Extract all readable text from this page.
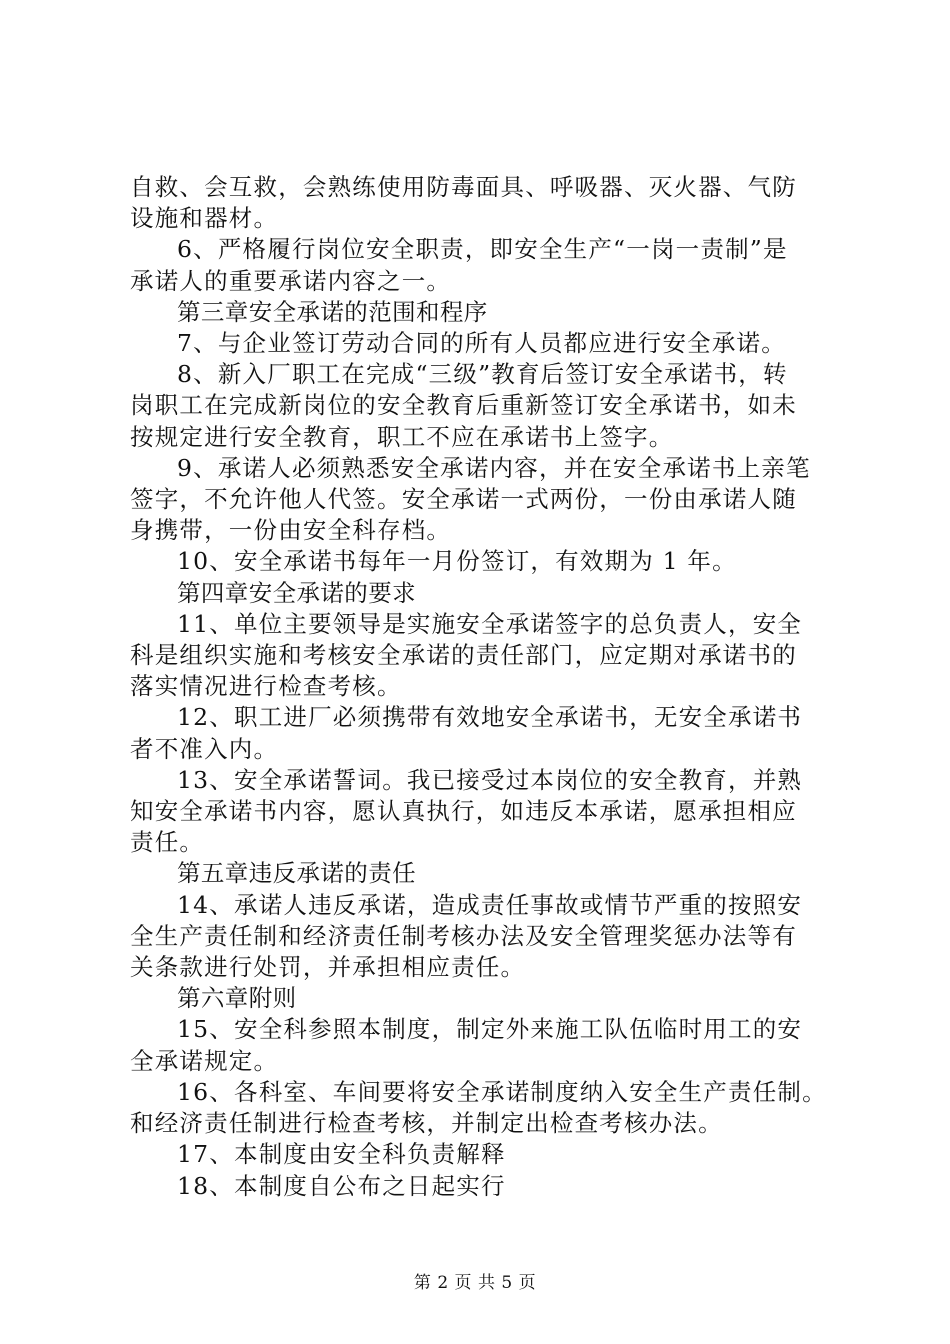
自救、会互救，会熟练使用防毒面具、呼吸器、灭火器、气防

设施和器材。

6、严格履行岗位安全职责，即安全生产“一岗一责制”是

承诺人的重要承诺内容之一。

第三章安全承诺的范围和程序

7、与企业签订劳动合同的所有人员都应进行安全承诺。

8、新入厂职工在完成“三级”教育后签订安全承诺书，转

岗职工在完成新岗位的安全教育后重新签订安全承诺书，如未

按规定进行安全教育，职工不应在承诺书上签字。

9、承诺人必须熟悉安全承诺内容，并在安全承诺书上亲笔

签字，不允许他人代签。安全承诺一式两份，一份由承诺人随

身携带，一份由安全科存档。

10、安全承诺书每年一月份签订，有效期为 1 年。

第四章安全承诺的要求

11、单位主要领导是实施安全承诺签字的总负责人，安全

科是组织实施和考核安全承诺的责任部门，应定期对承诺书的

落实情况进行检查考核。

12、职工进厂必须携带有效地安全承诺书，无安全承诺书

者不准入内。

13、安全承诺誓词。我已接受过本岗位的安全教育，并熟

知安全承诺书内容，愿认真执行，如违反本承诺，愿承担相应

责任。

第五章违反承诺的责任

14、承诺人违反承诺，造成责任事故或情节严重的按照安

全生产责任制和经济责任制考核办法及安全管理奖惩办法等有

关条款进行处罚，并承担相应责任。

第六章附则

15、安全科参照本制度，制定外来施工队伍临时用工的安

全承诺规定。

16、各科室、车间要将安全承诺制度纳入安全生产责任制。

和经济责任制进行检查考核，并制定出检查考核办法。

17、本制度由安全科负责解释

18、本制度自公布之日起实行

第 2 页 共 5 页
